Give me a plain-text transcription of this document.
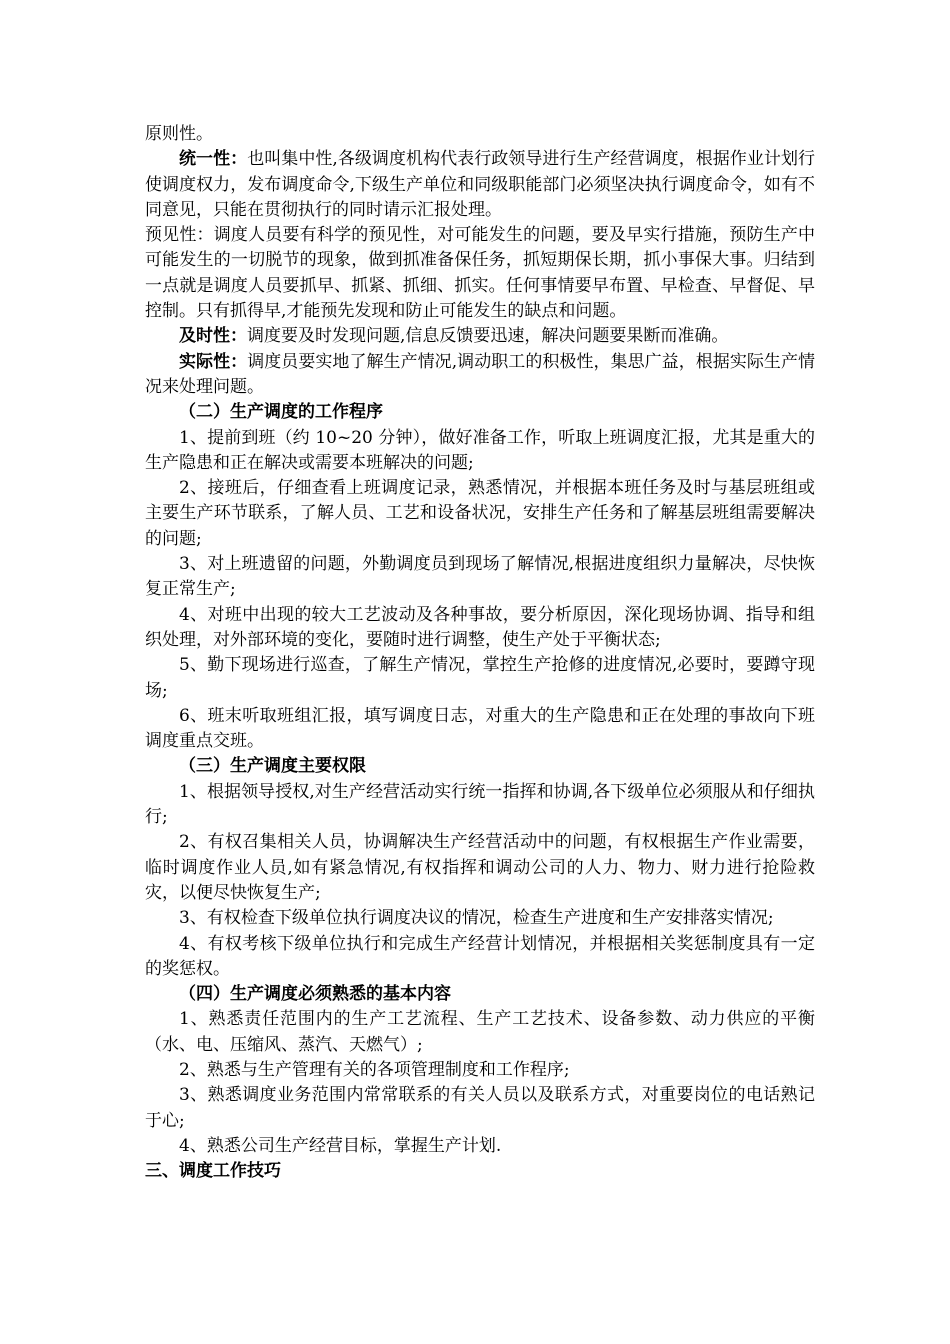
原则性。

统一性：也叫集中性,各级调度机构代表行政领导进行生产经营调度，根据作业计划行使调度权力，发布调度命令,下级生产单位和同级职能部门必须坚决执行调度命令，如有不同意见，只能在贯彻执行的同时请示汇报处理。

预见性：调度人员要有科学的预见性，对可能发生的问题，要及早实行措施，预防生产中可能发生的一切脱节的现象，做到抓准备保任务，抓短期保长期，抓小事保大事。归结到一点就是调度人员要抓早、抓紧、抓细、抓实。任何事情要早布置、早检查、早督促、早控制。只有抓得早,才能预先发现和防止可能发生的缺点和问题。

及时性：调度要及时发现问题,信息反馈要迅速，解决问题要果断而准确。

实际性：调度员要实地了解生产情况,调动职工的积极性，集思广益，根据实际生产情况来处理问题。

（二）生产调度的工作程序

1、提前到班（约 10~20 分钟），做好准备工作，听取上班调度汇报，尤其是重大的生产隐患和正在解决或需要本班解决的问题;

2、接班后，仔细查看上班调度记录，熟悉情况，并根据本班任务及时与基层班组或主要生产环节联系，了解人员、工艺和设备状况，安排生产任务和了解基层班组需要解决的问题;

3、对上班遗留的问题，外勤调度员到现场了解情况,根据进度组织力量解决，尽快恢复正常生产;

4、对班中出现的较大工艺波动及各种事故，要分析原因，深化现场协调、指导和组织处理，对外部环境的变化，要随时进行调整，使生产处于平衡状态;

5、勤下现场进行巡查，了解生产情况，掌控生产抢修的进度情况,必要时，要蹲守现场;

6、班末听取班组汇报，填写调度日志，对重大的生产隐患和正在处理的事故向下班调度重点交班。

（三）生产调度主要权限

1、根据领导授权,对生产经营活动实行统一指挥和协调,各下级单位必须服从和仔细执行;

2、有权召集相关人员，协调解决生产经营活动中的问题，有权根据生产作业需要，临时调度作业人员,如有紧急情况,有权指挥和调动公司的人力、物力、财力进行抢险救灾，以便尽快恢复生产;

3、有权检查下级单位执行调度决议的情况，检查生产进度和生产安排落实情况;

4、有权考核下级单位执行和完成生产经营计划情况，并根据相关奖惩制度具有一定的奖惩权。

（四）生产调度必须熟悉的基本内容

1、熟悉责任范围内的生产工艺流程、生产工艺技术、设备参数、动力供应的平衡（水、电、压缩风、蒸汽、天燃气）;

2、熟悉与生产管理有关的各项管理制度和工作程序;

3、熟悉调度业务范围内常常联系的有关人员以及联系方式，对重要岗位的电话熟记于心;

4、熟悉公司生产经营目标，掌握生产计划.

三、调度工作技巧
